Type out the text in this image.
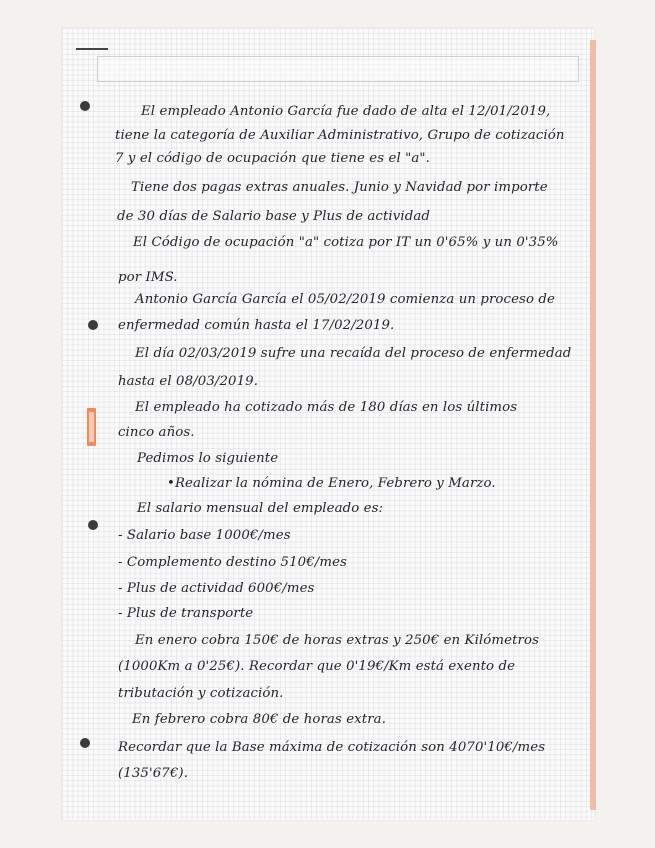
El empleado Antonio García fue dado de alta el 12/01/2019,
tiene la categoría de Auxiliar Administrativo, Grupo de cotización
7 y el código de ocupación que tiene es el "a".
Tiene dos pagas extras anuales. Junio y Navidad por importe
de 30 días de Salario base y Plus de actividad
El Código de ocupación "a" cotiza por IT un 0'65% y un 0'35%
por IMS.
Antonio García García el 05/02/2019 comienza un proceso de
enfermedad común hasta el 17/02/2019.
El día 02/03/2019 sufre una recaída del proceso de enfermedad
hasta el 08/03/2019.
El empleado ha cotizado más de 180 días en los últimos
cinco años.
Pedimos lo siguiente
•Realizar la nómina de Enero, Febrero y Marzo.
El salario mensual del empleado es:
- Salario base 1000€/mes
- Complemento destino 510€/mes
- Plus de actividad 600€/mes
- Plus de transporte
En enero cobra 150€ de horas extras y 250€ en Kilómetros
(1000Km a 0'25€). Recordar que 0'19€/Km está exento de
tributación y cotización.
En febrero cobra 80€ de horas extra.
Recordar que la Base máxima de cotización son 4070'10€/mes
(135'67€).
